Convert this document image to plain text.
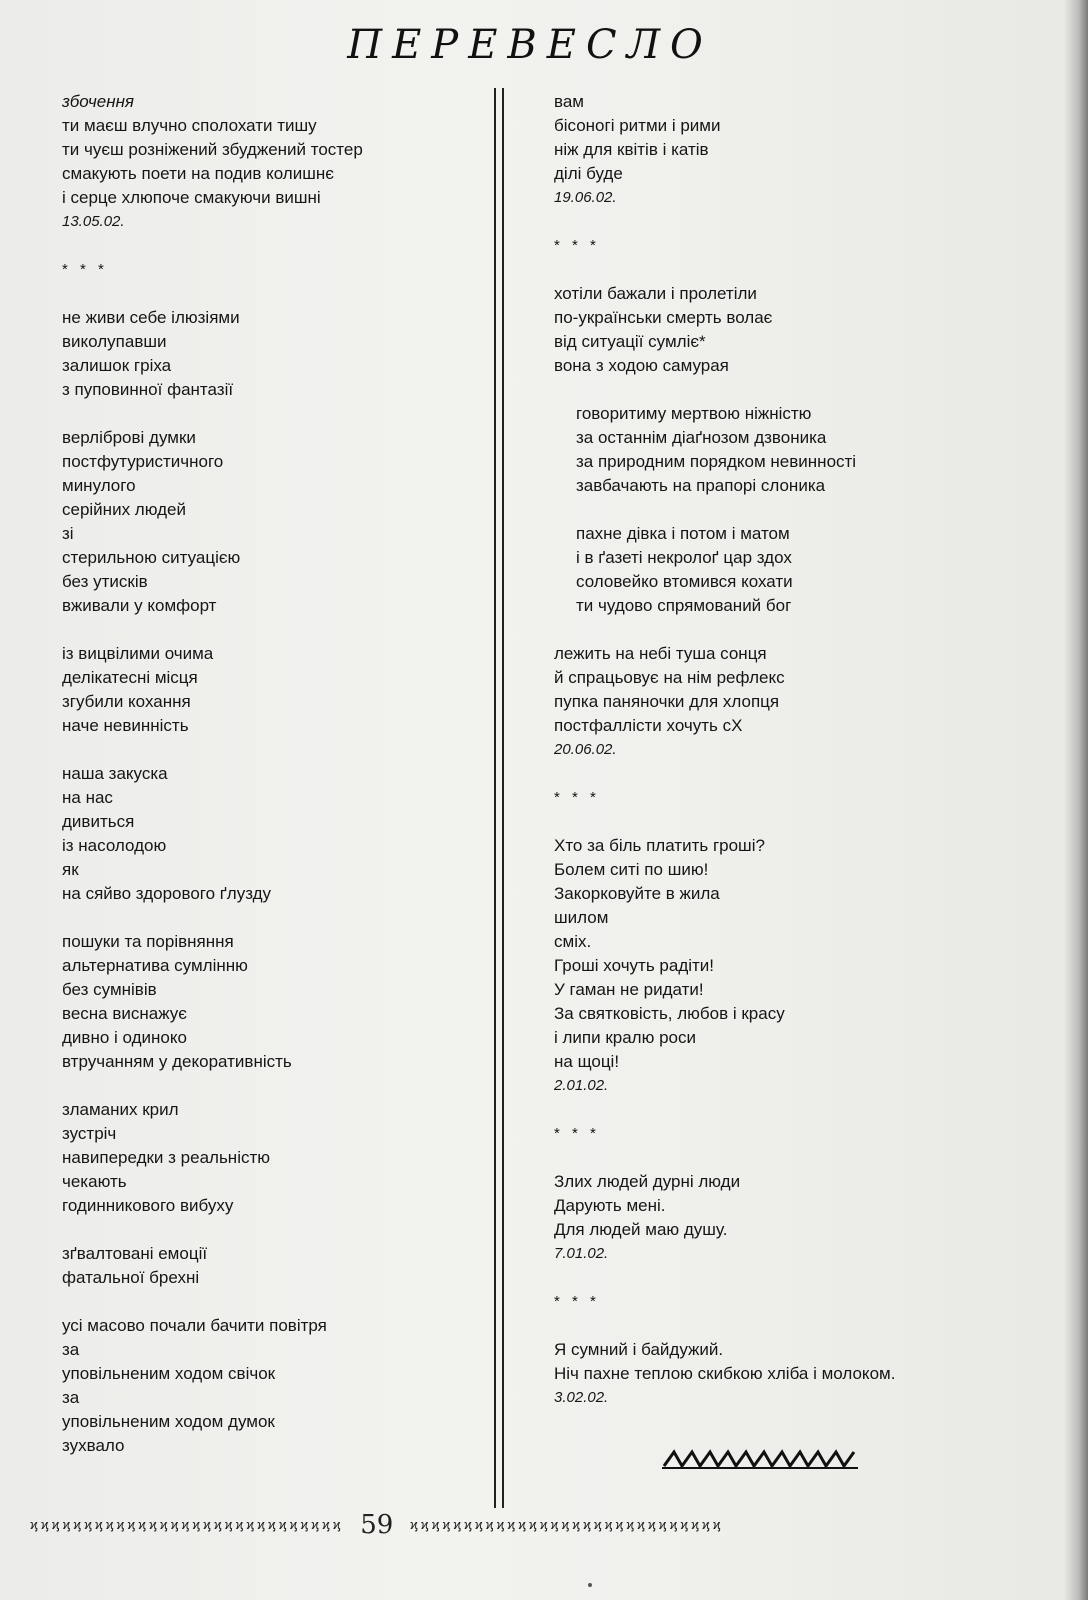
ПЕРЕВЕСЛО
збочення
ти маєш влучно сполохати тишу
ти чуєш розніжений збуджений тостер
смакують поети на подив колишнє
і серце хлюпоче смакуючи вишні
13.05.02.
* * *
не живи себе ілюзіями
виколупавши
залишок гріха
з пуповинної фантазії
верліброві думки
постфутуристичного
минулого
серійних людей
зі
стерильною ситуацією
без утисків
вживали у комфорт
із вицвілими очима
делікатесні місця
згубили кохання
наче невинність
наша закуска
на нас
дивиться
із насолодою
як
на сяйво здорового ґлузду
пошуки та порівняння
альтернатива сумлінню
без сумнівів
весна виснажує
дивно і одиноко
втручанням у декоративність
зламаних крил
зустріч
навипередки з реальністю
чекають
годинникового вибуху
зґвалтовані емоції
фатальної брехні
усі масово почали бачити повітря
за
уповільненим ходом свічок
за
уповільненим ходом думок
зухвало
вам
бісоногі ритми і рими
ніж для квітів і катів
ділі буде
19.06.02.
* * *
хотіли бажали і пролетіли
по-українськи смерть волає
від ситуації сумліє*
вона з ходою самурая
говоритиму мертвою ніжністю
за останнім діаґнозом дзвоника
за природним порядком невинності
завбачають на прапорі слоника
пахне дівка і потом і матом
і в ґазеті некролоґ цар здох
соловейко втомився кохати
ти чудово спрямований бог
лежить на небі туша сонця
й спрацьовує на нім рефлекс
пупка паняночки для хлопця
постфаллісти хочуть сХ
20.06.02.
* * *
Хто за біль платить гроші?
Болем ситі по шию!
Закорковуйте в жила
шилом
сміх.
Гроші хочуть радіти!
У гаман не ридати!
За святковість, любов і красу
і липи кралю роси
на щоці!
2.01.02.
* * *
Злих людей дурні люди
Дарують мені.
Для людей маю душу.
7.01.02.
* * *
Я сумний і байдужий.
Ніч пахне теплою скибкою хліба і молоком.
3.02.02.
ϗϗϗϗϗϗϗϗϗϗϗϗϗϗϗϗϗϗϗϗϗϗϗϗϗϗϗϗϗ 59 ϗϗϗϗϗϗϗϗϗϗϗϗϗϗϗϗϗϗϗϗϗϗϗϗϗϗϗϗϗ
